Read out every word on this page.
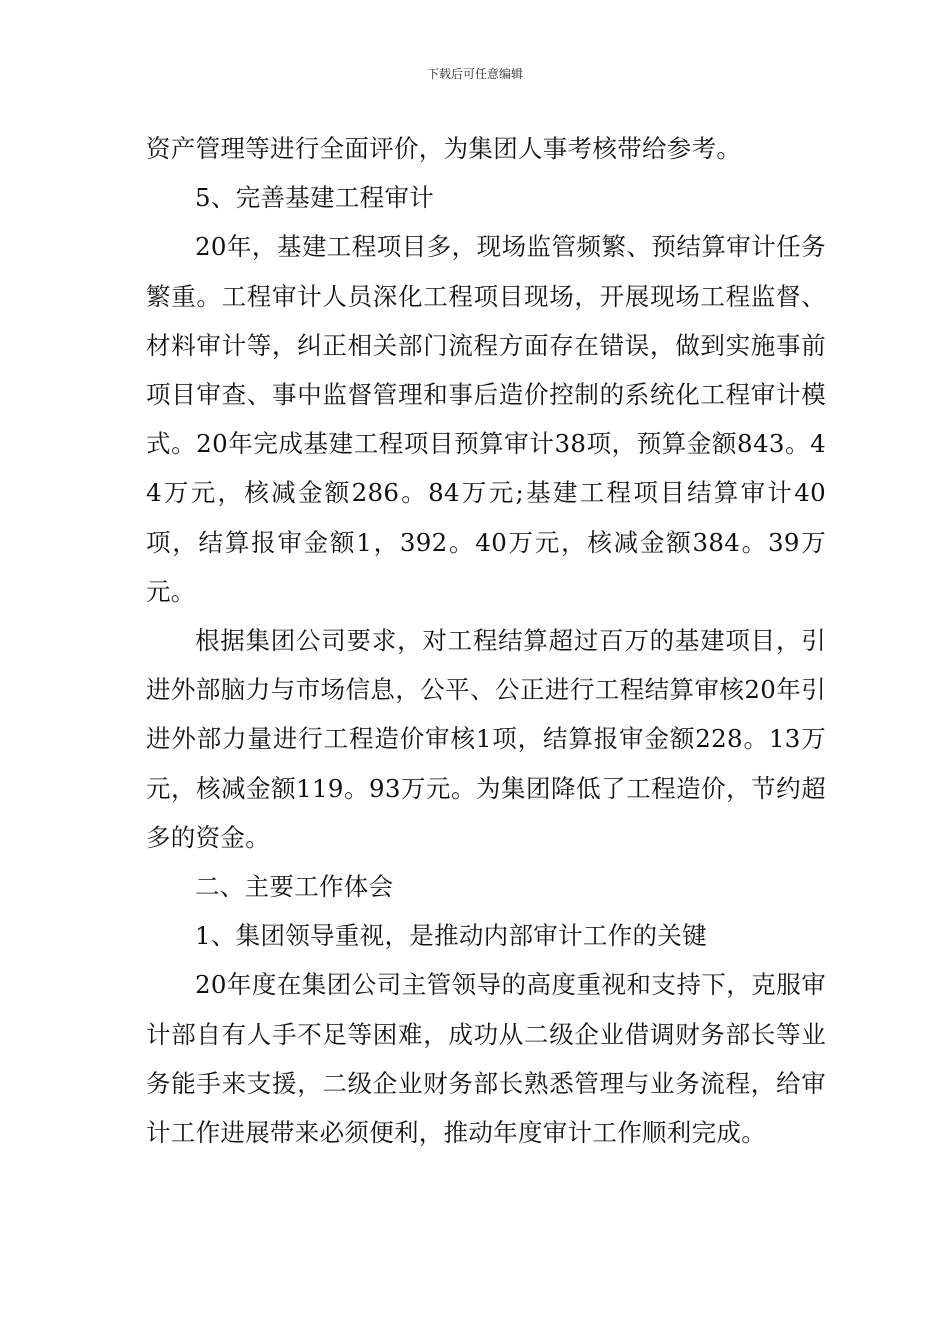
下载后可任意编辑

资产管理等进行全面评价，为集团人事考核带给参考。

5、完善基建工程审计

20年，基建工程项目多，现场监管频繁、预结算审计任务繁重。工程审计人员深化工程项目现场，开展现场工程监督、材料审计等，纠正相关部门流程方面存在错误，做到实施事前项目审查、事中监督管理和事后造价控制的系统化工程审计模式。20年完成基建工程项目预算审计38项，预算金额843。44万元，核减金额286。84万元;基建工程项目结算审计40项，结算报审金额1，392。40万元，核减金额384。39万元。

根据集团公司要求，对工程结算超过百万的基建项目，引进外部脑力与市场信息，公平、公正进行工程结算审核20年引进外部力量进行工程造价审核1项，结算报审金额228。13万元，核减金额119。93万元。为集团降低了工程造价，节约超多的资金。

二、主要工作体会

1、集团领导重视，是推动内部审计工作的关键

20年度在集团公司主管领导的高度重视和支持下，克服审计部自有人手不足等困难，成功从二级企业借调财务部长等业务能手来支援，二级企业财务部长熟悉管理与业务流程，给审计工作进展带来必须便利，推动年度审计工作顺利完成。
